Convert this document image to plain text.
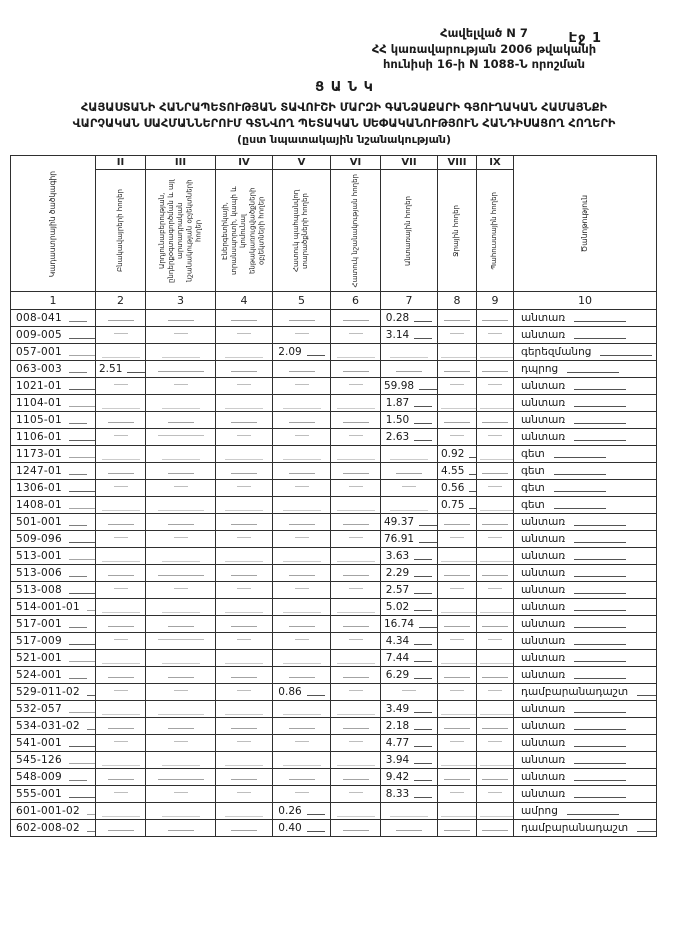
Էջ 1
Հավելված N 7
ՀՀ կառավարության 2006 թվականի
հունիսի 16-ի N 1088-Ն որոշման
ՑԱՆԿ
ՀԱՅԱՍՏԱՆԻ ՀԱՆՐԱՊԵՏՈՒԹՅԱՆ ՏԱՎՈՒՇԻ ՄԱՐԶԻ ԳԱՆՁԱՔԱՐԻ ԳՅՈՒՂԱԿԱՆ ՀԱՄԱՅՆՔԻ
ՎԱՐՉԱԿԱՆ ՍԱՀՄԱՆՆԵՐՈՒՄ ԳՏՆՎՈՂ ՊԵՏԱԿԱՆ ՍԵՓԱԿԱՆՈՒԹՅՈՒՆ ՀԱՆԴԻՍԱՑՈՂ ՀՈՂԵՐԻ
(ըստ նպատակային նշանակության)
Կադաստրային ծածկագիր	II	III	IV	V	VI	VII	VIII	IX	Ծանոթություն

	Բնակավայրերի հողեր	Արդյունաբերության, ընդերքօգտագործման և այլ արտադրական նշանակության օբյեկտների հողեր	Էներգետիկայի, տրանսպորտի, կապի և կոմունալ ենթակառուցվածքների օբյեկտների հողեր	Հատուկ պահպանվող տարածքների հողեր	Հատուկ նշանակության հողեր	Անտառային հողեր	Ջրային հողեր	Պահուստային հողեր	

1	2	3	4	5	6	7	8	9	10
008-041						0.28			անտառ
009-005						3.14			անտառ
057-001				2.09					գերեզմանոց
063-003	2.51								դպրոց
1021-01						59.98			անտառ
1104-01						1.87			անտառ
1105-01						1.50			անտառ
1106-01						2.63			անտառ
1173-01							0.92		գետ
1247-01							4.55		գետ
1306-01							0.56		գետ
1408-01							0.75		գետ
501-001						49.37			անտառ
509-096						76.91			անտառ
513-001						3.63			անտառ
513-006						2.29			անտառ
513-008						2.57			անտառ
514-001-01						5.02			անտառ
517-001						16.74			անտառ
517-009						4.34			անտառ
521-001						7.44			անտառ
524-001						6.29			անտառ
529-011-02				0.86					դամբարանադաշտ
532-057						3.49			անտառ
534-031-02						2.18			անտառ
541-001						4.77			անտառ
545-126						3.94			անտառ
548-009						9.42			անտառ
555-001						8.33			անտառ
601-001-02				0.26					ամրոց
602-008-02				0.40					դամբարանադաշտ
